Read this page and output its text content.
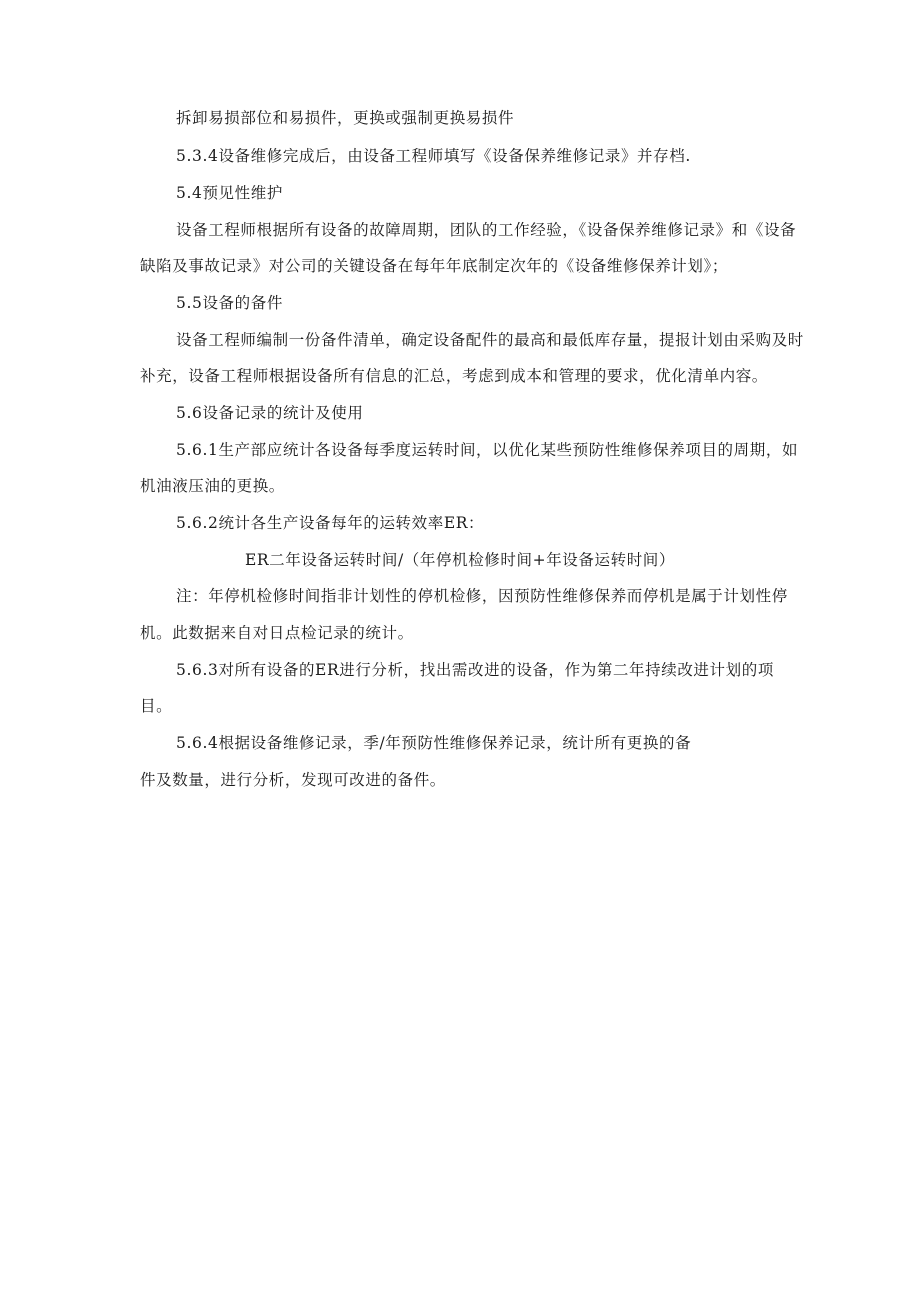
拆卸易损部位和易损件，更换或强制更换易损件
5.3.4设备维修完成后，由设备工程师填写《设备保养维修记录》并存档.
5.4预见性维护
设备工程师根据所有设备的故障周期，团队的工作经验，《设备保养维修记录》和《设备
缺陷及事故记录》对公司的关键设备在每年年底制定次年的《设备维修保养计划》；
5.5设备的备件
设备工程师编制一份备件清单，确定设备配件的最高和最低库存量，提报计划由采购及时
补充，设备工程师根据设备所有信息的汇总，考虑到成本和管理的要求，优化清单内容。
5.6设备记录的统计及使用
5.6.1生产部应统计各设备每季度运转时间，以优化某些预防性维修保养项目的周期，如
机油液压油的更换。
5.6.2统计各生产设备每年的运转效率ER：
ER二年设备运转时间/（年停机检修时间+年设备运转时间）
注：年停机检修时间指非计划性的停机检修，因预防性维修保养而停机是属于计划性停
机。此数据来自对日点检记录的统计。
5.6.3对所有设备的ER进行分析，找出需改进的设备，作为第二年持续改进计划的项
目。
5.6.4根据设备维修记录，季/年预防性维修保养记录，统计所有更换的备
件及数量，进行分析，发现可改进的备件。
